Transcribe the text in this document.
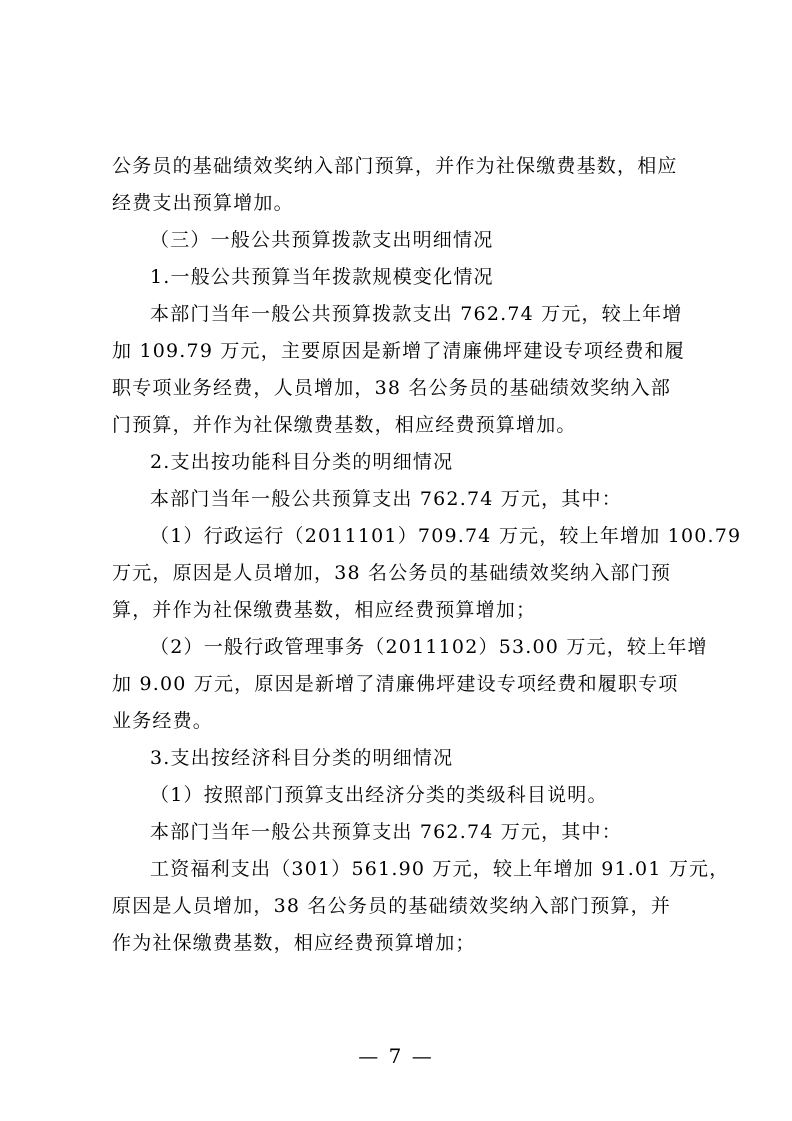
公务员的基础绩效奖纳入部门预算，并作为社保缴费基数，相应
经费支出预算增加。
（三）一般公共预算拨款支出明细情况
1.一般公共预算当年拨款规模变化情况
本部门当年一般公共预算拨款支出 762.74 万元，较上年增
加 109.79 万元，主要原因是新增了清廉佛坪建设专项经费和履
职专项业务经费，人员增加，38 名公务员的基础绩效奖纳入部
门预算，并作为社保缴费基数，相应经费预算增加。
2.支出按功能科目分类的明细情况
本部门当年一般公共预算支出 762.74 万元，其中：
（1）行政运行（2011101）709.74 万元，较上年增加 100.79
万元，原因是人员增加，38 名公务员的基础绩效奖纳入部门预
算，并作为社保缴费基数，相应经费预算增加；
（2）一般行政管理事务（2011102）53.00 万元，较上年增
加 9.00 万元，原因是新增了清廉佛坪建设专项经费和履职专项
业务经费。
3.支出按经济科目分类的明细情况
（1）按照部门预算支出经济分类的类级科目说明。
本部门当年一般公共预算支出 762.74 万元，其中：
工资福利支出（301）561.90 万元，较上年增加 91.01 万元，
原因是人员增加，38 名公务员的基础绩效奖纳入部门预算，并
作为社保缴费基数，相应经费预算增加；
— 7 —
